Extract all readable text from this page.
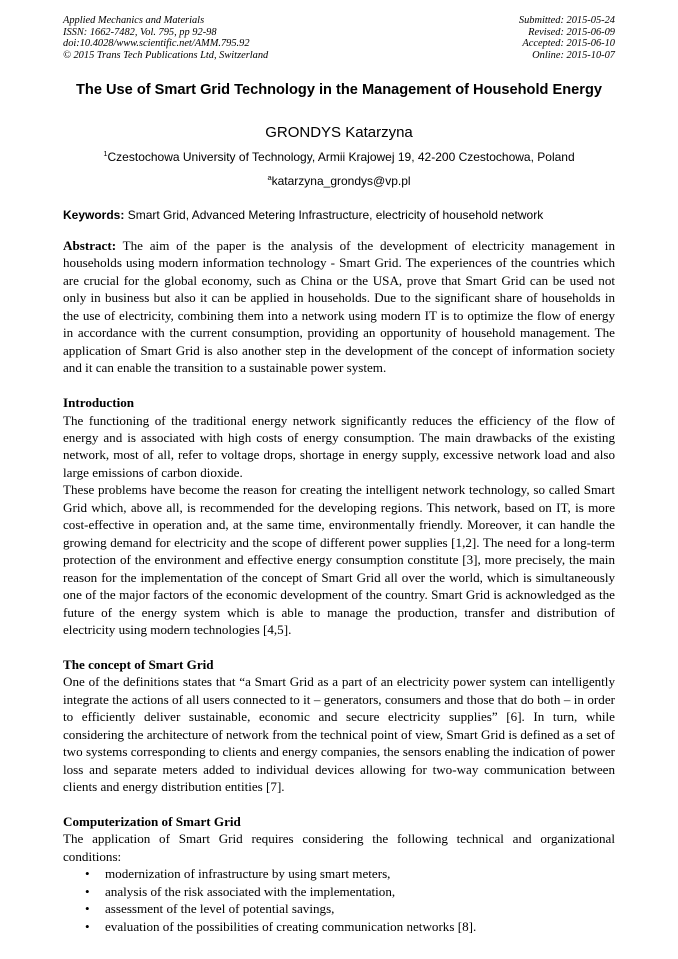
Applied Mechanics and Materials
ISSN: 1662-7482, Vol. 795, pp 92-98
doi:10.4028/www.scientific.net/AMM.795.92
© 2015 Trans Tech Publications Ltd, Switzerland
Submitted: 2015-05-24
Revised: 2015-06-09
Accepted: 2015-06-10
Online: 2015-10-07
The Use of Smart Grid Technology in the Management of Household Energy
GRONDYS Katarzyna
$^1$Czestochowa University of Technology, Armii Krajowej 19, 42-200 Czestochowa, Poland
$^a$katarzyna_grondys@vp.pl
Keywords: Smart Grid, Advanced Metering Infrastructure, electricity of household network

Abstract: The aim of the paper is the analysis of the development of electricity management in households using modern information technology - Smart Grid. The experiences of the countries which are crucial for the global economy, such as China or the USA, prove that Smart Grid can be used not only in business but also it can be applied in households. Due to the significant share of households in the use of electricity, combining them into a network using modern IT is to optimize the flow of energy in accordance with the current consumption, providing an opportunity of household management. The application of Smart Grid is also another step in the development of the concept of information society and it can enable the transition to a sustainable power system.

Introduction

The functioning of the traditional energy network significantly reduces the efficiency of the flow of energy and is associated with high costs of energy consumption. The main drawbacks of the existing network, most of all, refer to voltage drops, shortage in energy supply, excessive network load and also large emissions of carbon dioxide.

These problems have become the reason for creating the intelligent network technology, so called Smart Grid which, above all, is recommended for the developing regions. This network, based on IT, is more cost-effective in operation and, at the same time, environmentally friendly. Moreover, it can handle the growing demand for electricity and the scope of different power supplies [1,2]. The need for a long-term protection of the environment and effective energy consumption constitute [3], more precisely, the main reason for the implementation of the concept of Smart Grid all over the world, which is simultaneously one of the major factors of the economic development of the country. Smart Grid is acknowledged as the future of the energy system which is able to manage the production, transfer and distribution of electricity using modern technologies [4,5].

The concept of Smart Grid

One of the definitions states that “a Smart Grid as a part of an electricity power system can intelligently integrate the actions of all users connected to it – generators, consumers and those that do both – in order to efficiently deliver sustainable, economic and secure electricity supplies” [6]. In turn, while considering the architecture of network from the technical point of view, Smart Grid is defined as a set of two systems corresponding to clients and energy companies, the sensors enabling the indication of power loss and separate meters added to individual devices allowing for two-way communication between clients and energy distribution entities [7].

Computerization of Smart Grid

The application of Smart Grid requires considering the following technical and organizational conditions:

• modernization of infrastructure by using smart meters,
• analysis of the risk associated with the implementation,
• assessment of the level of potential savings,
• evaluation of the possibilities of creating communication networks [8].
